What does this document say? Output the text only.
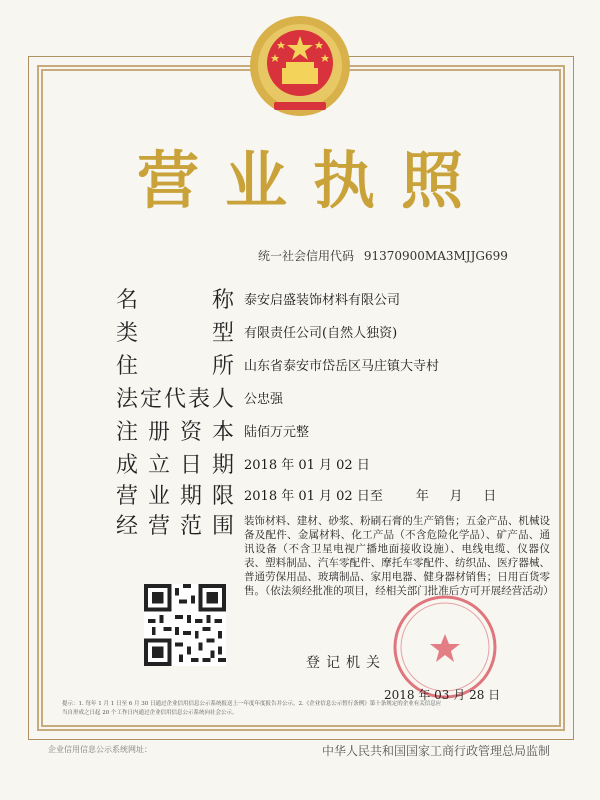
营业执照
统一社会信用代码 91370900MA3MJJG699
名	称 泰安启盛装饰材料有限公司
类	型 有限责任公司(自然人独资)
住	所 山东省泰安市岱岳区马庄镇大寺村
法 定 代 表 人 公忠强
注 册 资 本 陆佰万元整
成 立 日 期 2018 年 01 月 02 日
营 业 期 限 2018 年 01 月 02 日至        年     月     日
经 营 范 围 装饰材料、建材、砂浆、粉刷石膏的生产销售；五金产品、机械设备及配件、金属材料、化工产品（不含危险化学品）、矿产品、通讯设备（不含卫星电视广播地面接收设施）、电线电缆、仪器仪表、塑料制品、汽车零配件、摩托车零配件、纺织品、医疗器械、普通劳保用品、玻璃制品、家用电器、健身器材销售；日用百货零售。（依法须经批准的项目，经相关部门批准后方可开展经营活动）
登记机关
2018 年 03 月 28 日
提示：1. 每年 1 月 1 日至 6 月 30 日通过企业信用信息公示系统报送上一年度年度报告并公示。2.《企业信息公示暂行条例》第十条规定的企业有关信息应当自形成之日起 20 个工作日内通过企业信用信息公示系统向社会公示。
企业信用信息公示系统网址：	中华人民共和国国家工商行政管理总局监制
